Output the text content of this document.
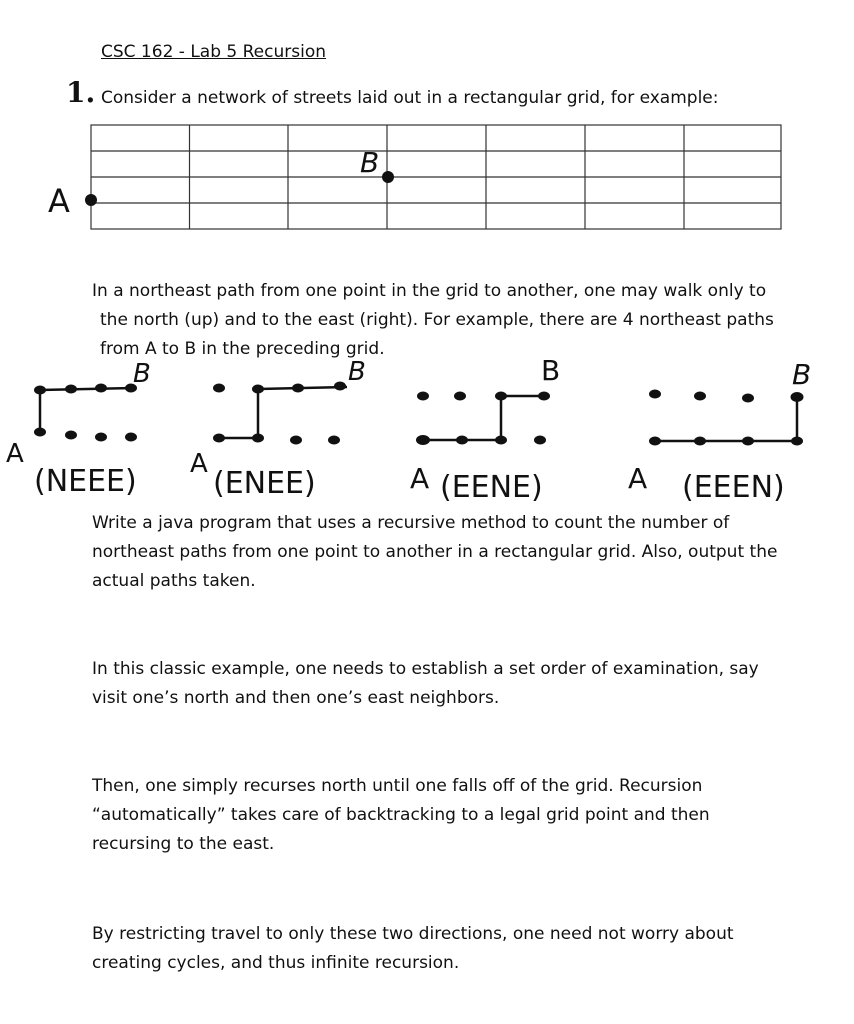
CSC 162 - Lab 5 Recursion

1. Consider a network of streets laid out in a rectangular grid, for example:

A
B
A
B
(NEEE) A
B
(ENEE)
B
A (EENE)
B
A (EEEN)
In a northeast path from one point in the grid to another, one may walk only to
the north (up) and to the east (right). For example, there are 4 northeast paths
from A to B in the preceding grid.
Write a java program that uses a recursive method to count the number of
northeast paths from one point to another in a rectangular grid. Also, output the
actual paths taken.
In this classic example, one needs to establish a set order of examination, say
visit one’s north and then one’s east neighbors.
Then, one simply recurses north until one falls off of the grid. Recursion
“automatically” takes care of backtracking to a legal grid point and then
recursing to the east.
By restricting travel to only these two directions, one need not worry about
creating cycles, and thus infinite recursion.
